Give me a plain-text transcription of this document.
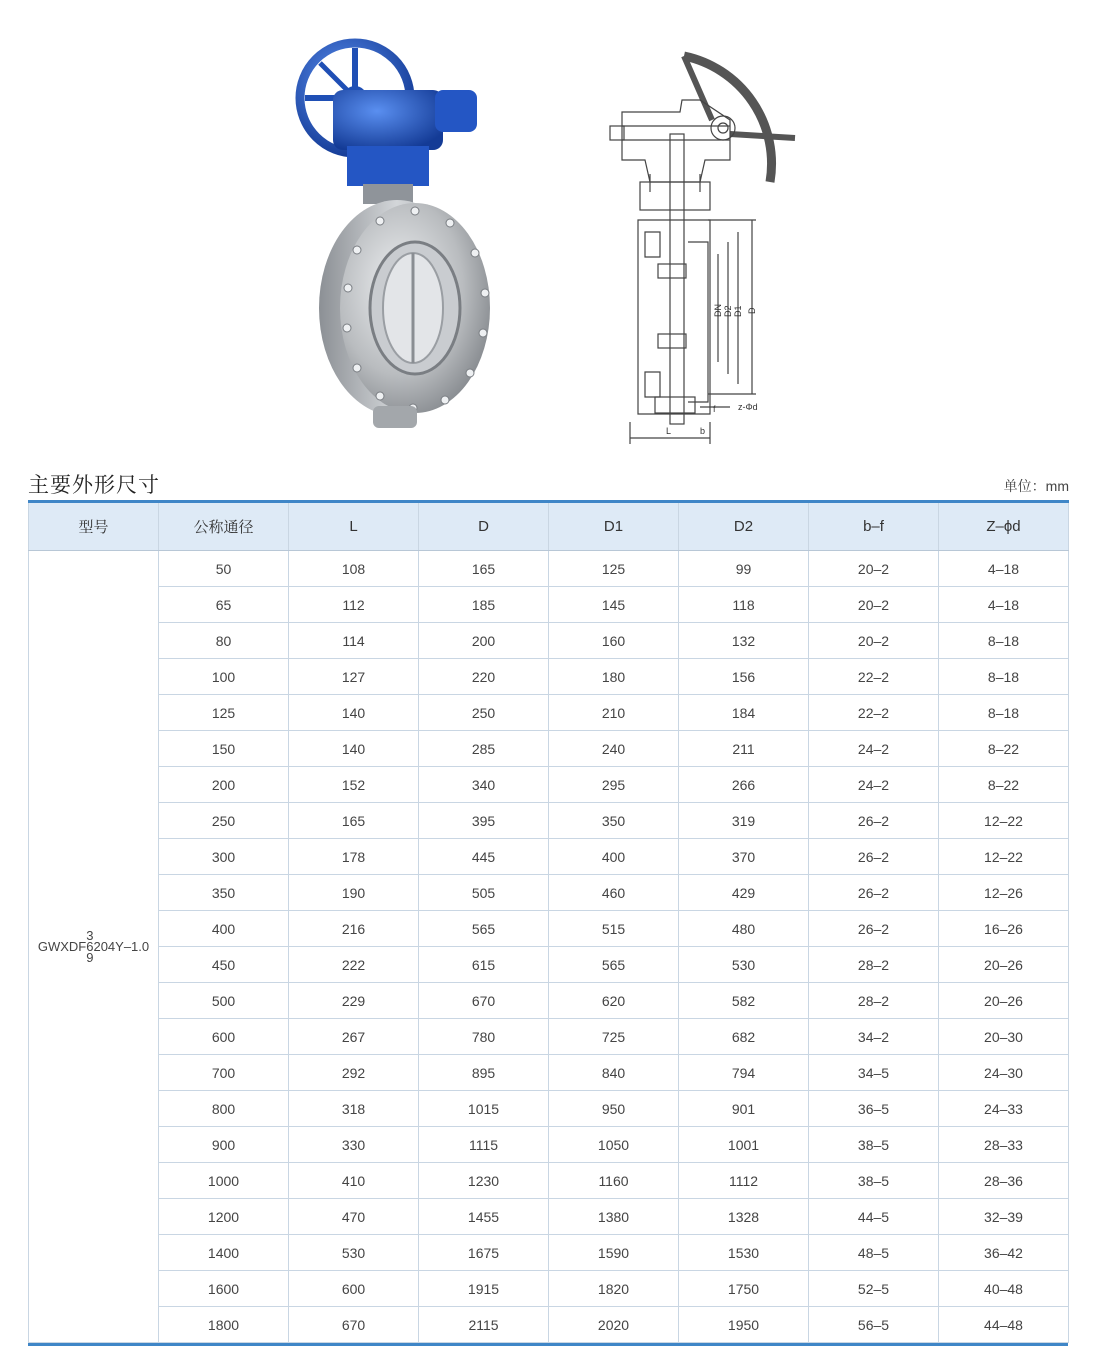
DN D2 D1 D
z-Φd
f
b
L
主要外形尺寸	单位：mm
型号	公称通径	L	D	D1	D2	b–f	Z–ϕd

GWXDF
3
6
9
204Y–1.0	50	108	165	125	99	20–2	4–18
	65	112	185	145	118	20–2	4–18
	80	114	200	160	132	20–2	8–18
	100	127	220	180	156	22–2	8–18
	125	140	250	210	184	22–2	8–18
	150	140	285	240	211	24–2	8–22
	200	152	340	295	266	24–2	8–22
	250	165	395	350	319	26–2	12–22
	300	178	445	400	370	26–2	12–22
	350	190	505	460	429	26–2	12–26
	400	216	565	515	480	26–2	16–26
	450	222	615	565	530	28–2	20–26
	500	229	670	620	582	28–2	20–26
	600	267	780	725	682	34–2	20–30
	700	292	895	840	794	34–5	24–30
	800	318	1015	950	901	36–5	24–33
	900	330	1115	1050	1001	38–5	28–33
	1000	410	1230	1160	1112	38–5	28–36
	1200	470	1455	1380	1328	44–5	32–39
	1400	530	1675	1590	1530	48–5	36–42
	1600	600	1915	1820	1750	52–5	40–48
	1800	670	2115	2020	1950	56–5	44–48
